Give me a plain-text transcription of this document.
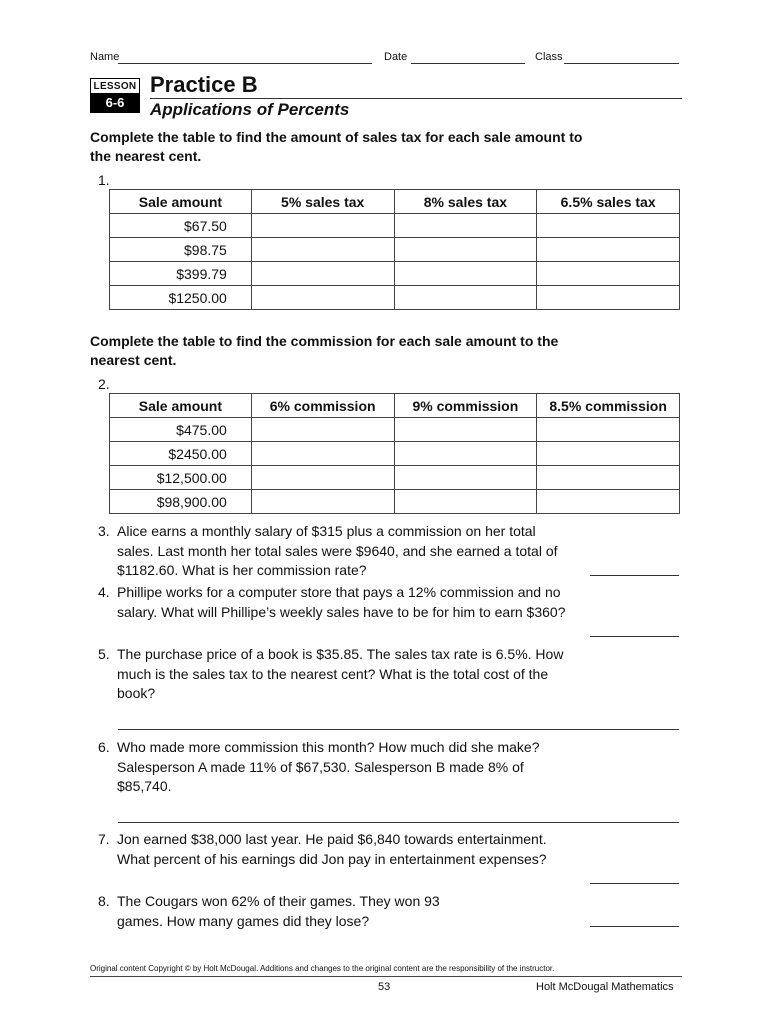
Name	Date	Class
LESSON
6-6
Practice B
Applications of Percents
Complete the table to find the amount of sales tax for each sale amount to the nearest cent.
1.
Sale amount	5% sales tax	8% sales tax	6.5% sales tax
$67.50			
$98.75			
$399.79			
$1250.00			
Complete the table to find the commission for each sale amount to the nearest cent.
2.
Sale amount	6% commission	9% commission	8.5% commission
$475.00			
$2450.00			
$12,500.00			
$98,900.00			
3. Alice earns a monthly salary of $315 plus a commission on her total sales. Last month her total sales were $9640, and she earned a total of $1182.60. What is her commission rate?
4. Phillipe works for a computer store that pays a 12% commission and no salary. What will Phillipe’s weekly sales have to be for him to earn $360?
5. The purchase price of a book is $35.85. The sales tax rate is 6.5%. How much is the sales tax to the nearest cent? What is the total cost of the book?
6. Who made more commission this month? How much did she make? Salesperson A made 11% of $67,530. Salesperson B made 8% of $85,740.
7. Jon earned $38,000 last year. He paid $6,840 towards entertainment. What percent of his earnings did Jon pay in entertainment expenses?
8. The Cougars won 62% of their games. They won 93 games. How many games did they lose?
Original content Copyright © by Holt McDougal. Additions and changes to the original content are the responsibility of the instructor.
53	Holt McDougal Mathematics
